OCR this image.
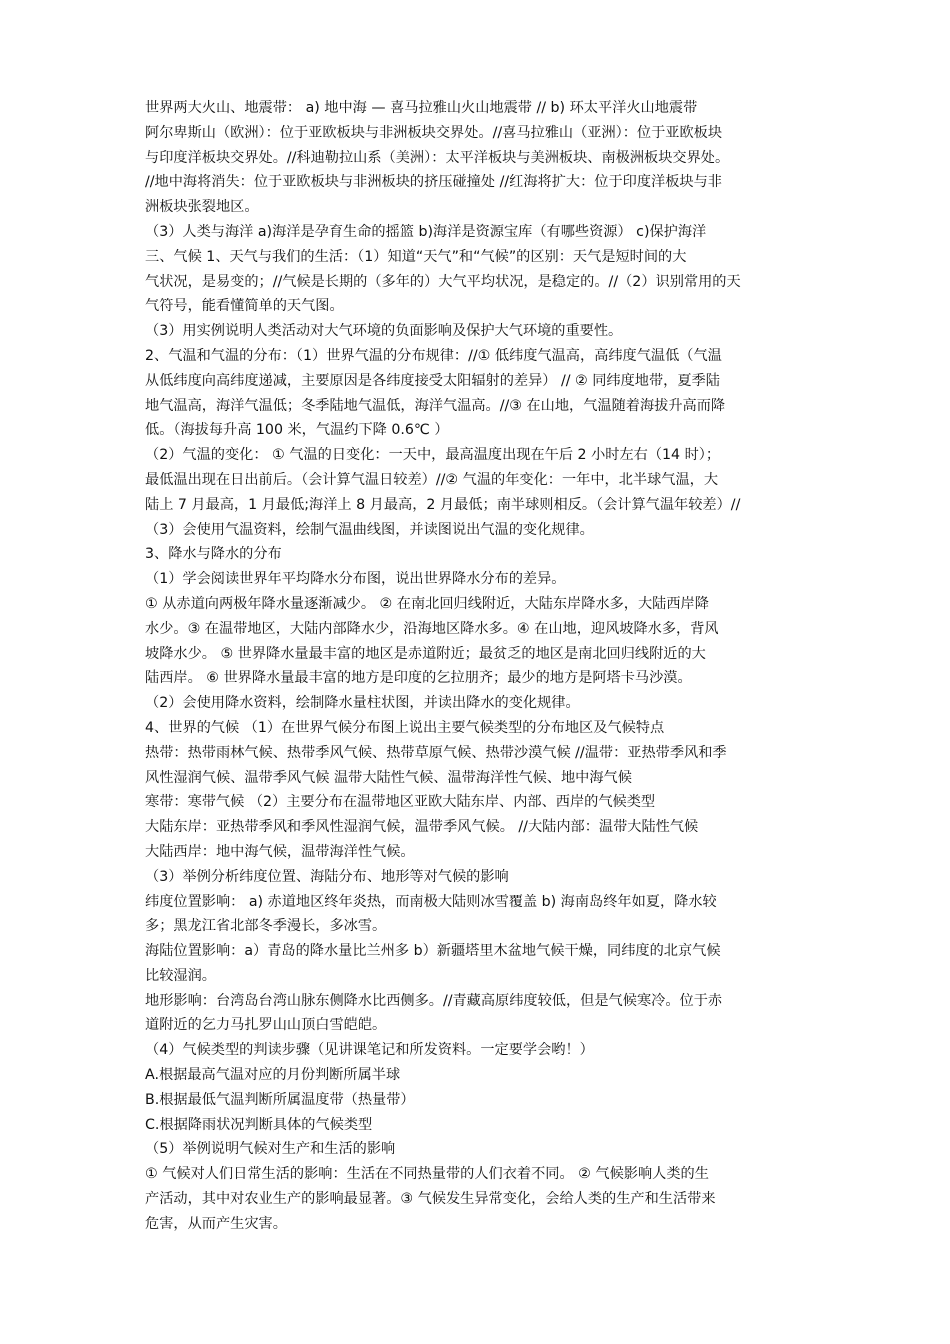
世界两大火山、地震带： a) 地中海 — 喜马拉雅山火山地震带 // b) 环太平洋火山地震带
阿尔卑斯山（欧洲）：位于亚欧板块与非洲板块交界处。//喜马拉雅山（亚洲）：位于亚欧板块
与印度洋板块交界处。//科迪勒拉山系（美洲）：太平洋板块与美洲板块、南极洲板块交界处。
//地中海将消失：位于亚欧板块与非洲板块的挤压碰撞处 //红海将扩大：位于印度洋板块与非
洲板块张裂地区。
（3）人类与海洋 a)海洋是孕育生命的摇篮 b)海洋是资源宝库（有哪些资源） c)保护海洋
三、气候 1、天气与我们的生活：（1）知道“天气”和“气候”的区别：天气是短时间的大
气状况，是易变的；//气候是长期的（多年的）大气平均状况，是稳定的。//（2）识别常用的天
气符号，能看懂简单的天气图。
（3）用实例说明人类活动对大气环境的负面影响及保护大气环境的重要性。
2、气温和气温的分布：（1）世界气温的分布规律：//① 低纬度气温高，高纬度气温低（气温
从低纬度向高纬度递减，主要原因是各纬度接受太阳辐射的差异） // ② 同纬度地带，夏季陆
地气温高，海洋气温低；冬季陆地气温低，海洋气温高。//③ 在山地，气温随着海拔升高而降
低。（海拔每升高 100 米，气温约下降 0.6℃ ）
（2）气温的变化： ① 气温的日变化：一天中，最高温度出现在午后 2 小时左右（14 时）；
最低温出现在日出前后。（会计算气温日较差）//② 气温的年变化：一年中，北半球气温，大
陆上 7 月最高，1 月最低;海洋上 8 月最高，2 月最低；南半球则相反。（会计算气温年较差）//
（3）会使用气温资料，绘制气温曲线图，并读图说出气温的变化规律。
3、降水与降水的分布
（1）学会阅读世界年平均降水分布图，说出世界降水分布的差异。
① 从赤道向两极年降水量逐渐减少。 ② 在南北回归线附近，大陆东岸降水多，大陆西岸降
水少。③ 在温带地区，大陆内部降水少，沿海地区降水多。④ 在山地，迎风坡降水多，背风
坡降水少。 ⑤ 世界降水量最丰富的地区是赤道附近；最贫乏的地区是南北回归线附近的大
陆西岸。 ⑥ 世界降水量最丰富的地方是印度的乞拉朋齐；最少的地方是阿塔卡马沙漠。
（2）会使用降水资料，绘制降水量柱状图，并读出降水的变化规律。
4、世界的气候 （1）在世界气候分布图上说出主要气候类型的分布地区及气候特点
热带：热带雨林气候、热带季风气候、热带草原气候、热带沙漠气候 //温带：亚热带季风和季
风性湿润气候、温带季风气候 温带大陆性气候、温带海洋性气候、地中海气候
寒带：寒带气候 （2）主要分布在温带地区亚欧大陆东岸、内部、西岸的气候类型
大陆东岸：亚热带季风和季风性湿润气候，温带季风气候。 //大陆内部：温带大陆性气候
大陆西岸：地中海气候，温带海洋性气候。
（3）举例分析纬度位置、海陆分布、地形等对气候的影响
纬度位置影响： a) 赤道地区终年炎热，而南极大陆则冰雪覆盖 b) 海南岛终年如夏，降水较
多；黑龙江省北部冬季漫长，多冰雪。
海陆位置影响：a）青岛的降水量比兰州多 b）新疆塔里木盆地气候干燥，同纬度的北京气候
比较湿润。
地形影响：台湾岛台湾山脉东侧降水比西侧多。//青藏高原纬度较低，但是气候寒冷。位于赤
道附近的乞力马扎罗山山顶白雪皑皑。
（4）气候类型的判读步骤（见讲课笔记和所发资料。一定要学会哟！）
A.根据最高气温对应的月份判断所属半球
B.根据最低气温判断所属温度带（热量带）
C.根据降雨状况判断具体的气候类型
（5）举例说明气候对生产和生活的影响
① 气候对人们日常生活的影响：生活在不同热量带的人们衣着不同。 ② 气候影响人类的生
产活动，其中对农业生产的影响最显著。③ 气候发生异常变化，会给人类的生产和生活带来
危害，从而产生灾害。
